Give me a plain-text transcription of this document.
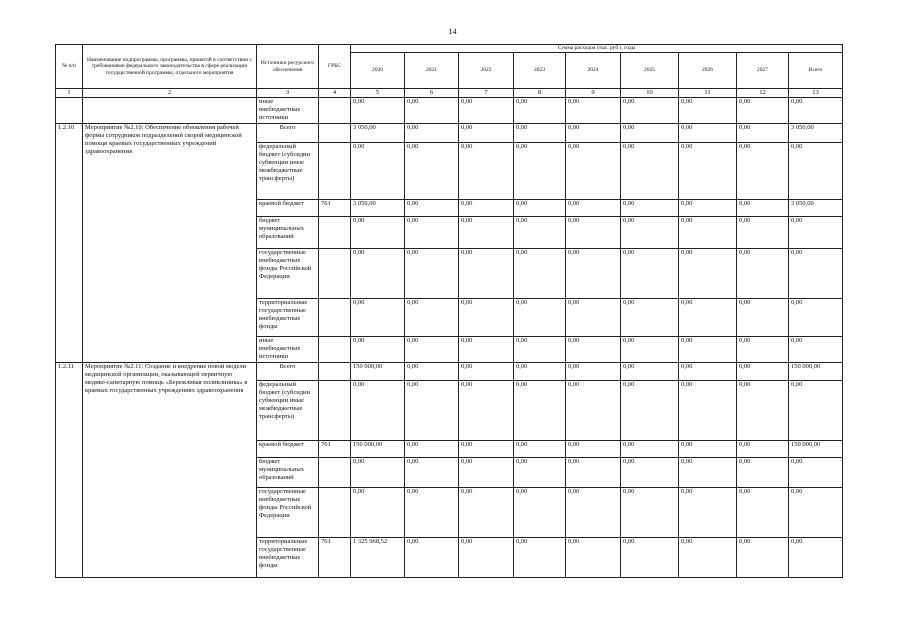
14
№ п/п	Наименование подпрограммы, программы, принятой в соответствии с требованиями федерального законодательства в сфере реализации государственной программы, отдельного мероприятия	Источники ресурсного обеспечения	ГРБС	Сумма расходов (тыс. руб.), годы								
				2020	2021	2022	2023	2024	2025	2026	2027	Всего
1	2	3	4	5	6	7	8	9	10	11	12	13
		иные внебюджетные источники		0,00	0,00	0,00	0,00	0,00	0,00	0,00	0,00	0,00
1.2.10	Мероприятие №2.10: Обеспечение обновления рабочей формы сотрудников подразделений скорой медицинской помощи краевых государственных учреждений здравоохранения	Всего		3 050,00	0,00	0,00	0,00	0,00	0,00	0,00	0,00	3 050,00
		федеральный бюджет (субсидии субвенции иные межбюджетные трансферты)		0,00	0,00	0,00	0,00	0,00	0,00	0,00	0,00	0,00
		краевой бюджет	761	3 050,00	0,00	0,00	0,00	0,00	0,00	0,00	0,00	3 050,00
		бюджет муниципальных образований		0,00	0,00	0,00	0,00	0,00	0,00	0,00	0,00	0,00
		государственные внебюджетные фонды Российской Федерации		0,00	0,00	0,00	0,00	0,00	0,00	0,00	0,00	0,00
		территориальные государственные внебюджетные фонды		0,00	0,00	0,00	0,00	0,00	0,00	0,00	0,00	0,00
		иные внебюджетные источники		0,00	0,00	0,00	0,00	0,00	0,00	0,00	0,00	0,00
1.2.11	Мероприятие №2.11: Создание и внедрение новой модели медицинской организации, оказывающей первичную медико-санитарную помощь «Бережливая поликлиника» в краевых государственных учреждениях здравоохранения	Всего		150 000,00	0,00	0,00	0,00	0,00	0,00	0,00	0,00	150 000,00
		федеральный бюджет (субсидии субвенции иные межбюджетные трансферты)		0,00	0,00	0,00	0,00	0,00	0,00	0,00	0,00	0,00
		краевой бюджет	761	150 000,00	0,00	0,00	0,00	0,00	0,00	0,00	0,00	150 000,00
		бюджет муниципальных образований		0,00	0,00	0,00	0,00	0,00	0,00	0,00	0,00	0,00
		государственные внебюджетные фонды Российской Федерации		0,00	0,00	0,00	0,00	0,00	0,00	0,00	0,00	0,00
		территориальные государственные внебюджетные фонды	761	1 325 968,52	0,00	0,00	0,00	0,00	0,00	0,00	0,00	0,00
